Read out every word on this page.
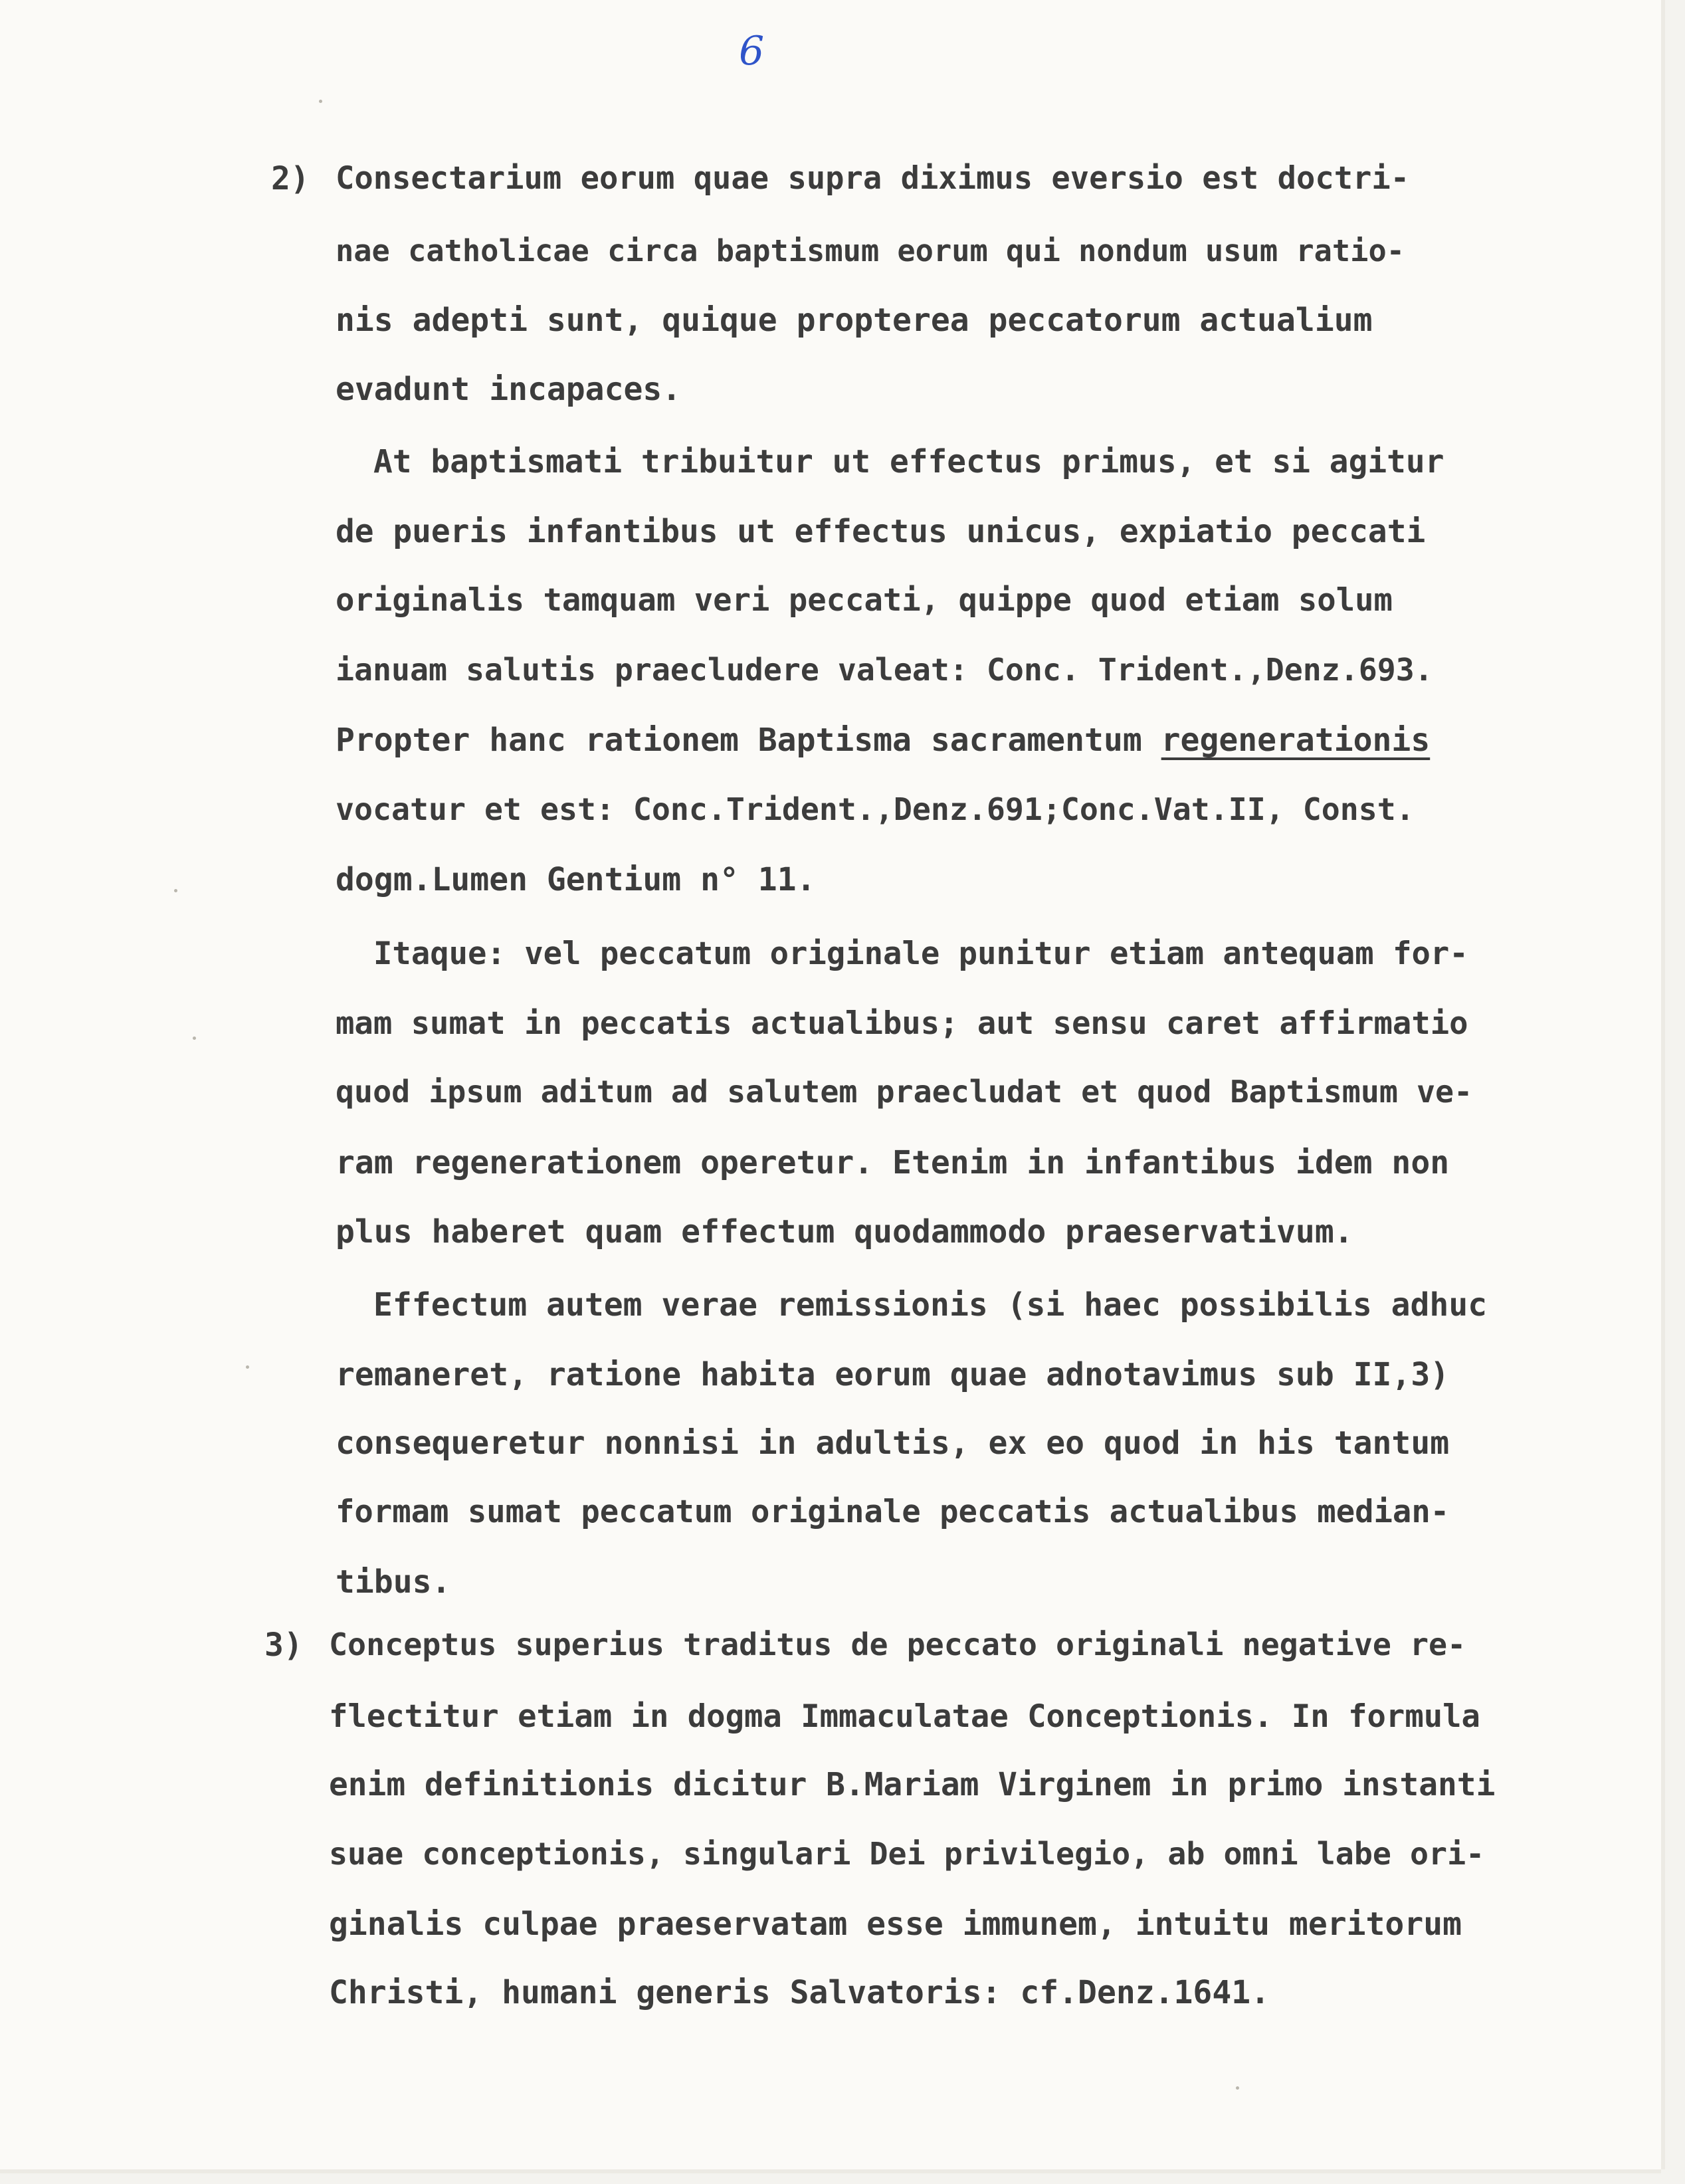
6
2) Consectarium eorum quae supra diximus eversio est doctri-
nae catholicae circa baptismum eorum qui nondum usum ratio-
nis adepti sunt, quique propterea peccatorum actualium
evadunt incapaces.
At baptismati tribuitur ut effectus primus, et si agitur
de pueris infantibus ut effectus unicus, expiatio peccati
originalis tamquam veri peccati, quippe quod etiam solum
ianuam salutis praecludere valeat: Conc. Trident.,Denz.693.
Propter hanc rationem Baptisma sacramentum regenerationis
vocatur et est: Conc.Trident.,Denz.691;Conc.Vat.II, Const.
dogm.Lumen Gentium n° 11.
Itaque: vel peccatum originale punitur etiam antequam for-
mam sumat in peccatis actualibus; aut sensu caret affirmatio
quod ipsum aditum ad salutem praecludat et quod Baptismum ve-
ram regenerationem operetur. Etenim in infantibus idem non
plus haberet quam effectum quodammodo praeservativum.
Effectum autem verae remissionis (si haec possibilis adhuc
remaneret, ratione habita eorum quae adnotavimus sub II,3)
consequeretur nonnisi in adultis, ex eo quod in his tantum
formam sumat peccatum originale peccatis actualibus median-
tibus.
3) Conceptus superius traditus de peccato originali negative re-
flectitur etiam in dogma Immaculatae Conceptionis. In formula
enim definitionis dicitur B.Mariam Virginem in primo instanti
suae conceptionis, singulari Dei privilegio, ab omni labe ori-
ginalis culpae praeservatam esse immunem, intuitu meritorum
Christi, humani generis Salvatoris: cf.Denz.1641.
